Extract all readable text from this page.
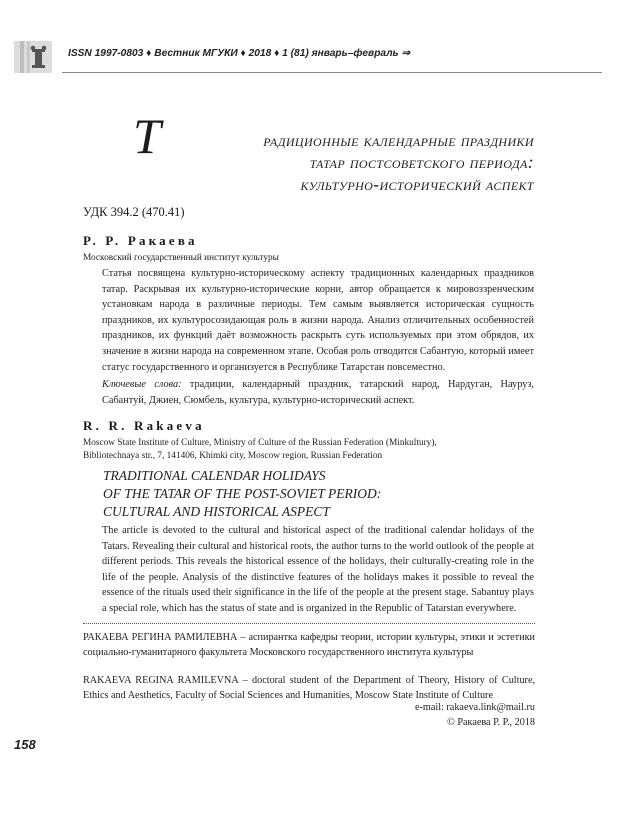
ISSN 1997-0803 ♦ Вестник МГУКИ ♦ 2018 ♦ 1 (81) январь–февраль ⇒
Т	радиционные календарные праздники
татар постсоветского периода:
культурно-исторический аспект
УДК 394.2 (470.41)
Р. Р. Ракаева
Московский государственный институт культуры
Статья посвящена культурно-историческому аспекту традиционных календарных праздников татар. Раскрывая их культурно-исторические корни, автор обращается к мировоззренческим установкам народа в различные периоды. Тем самым выявляется историческая сущность праздников, их культуросозидающая роль в жизни народа. Анализ отличительных особенностей праздников, их функций даёт возможность раскрыть суть используемых при этом обрядов, их значение в жизни народа на современном этапе. Особая роль отводится Сабантую, который имеет статус государственного и организуется в Республике Татарстан повсеместно.
Ключевые слова: традиции, календарный праздник, татарский народ, Нардуган, Науруз, Сабантуй, Джиен, Сюмбель, культура, культурно-исторический аспект.
R. R. Rakaeva
Moscow State Institute of Culture, Ministry of Culture of the Russian Federation (Minkultury),
Bibliotechnaya str., 7, 141406, Khimki city, Moscow region, Russian Federation
TRADITIONAL CALENDAR HOLIDAYS
OF THE TATAR OF THE POST-SOVIET PERIOD:
CULTURAL AND HISTORICAL ASPECT
The article is devoted to the cultural and historical aspect of the traditional calendar holidays of the Tatars. Revealing their cultural and historical roots, the author turns to the world outlook of the people at different periods. This reveals the historical essence of the holidays, their culturally-creating role in the life of the people. Analysis of the distinctive features of the holidays makes it possible to reveal the essence of the rituals used their significance in the life of the people at the present stage. Sabantuy plays a special role, which has the status of state and is organized in the Republic of Tatarstan everywhere.
РАКАЕВА РЕГИНА РАМИЛЕВНА – аспирантка кафедры теории, истории культуры, этики и эстетики социально-гуманитарного факультета Московского государственного института культуры
RAKAEVA REGINA RAMILEVNA – doctoral student of the Department of Theory, History of Culture, Ethics and Aesthetics, Faculty of Social Sciences and Humanities, Moscow State Institute of Culture
e-mail: rakaeva.link@mail.ru
© Ракаева Р. Р., 2018
158
